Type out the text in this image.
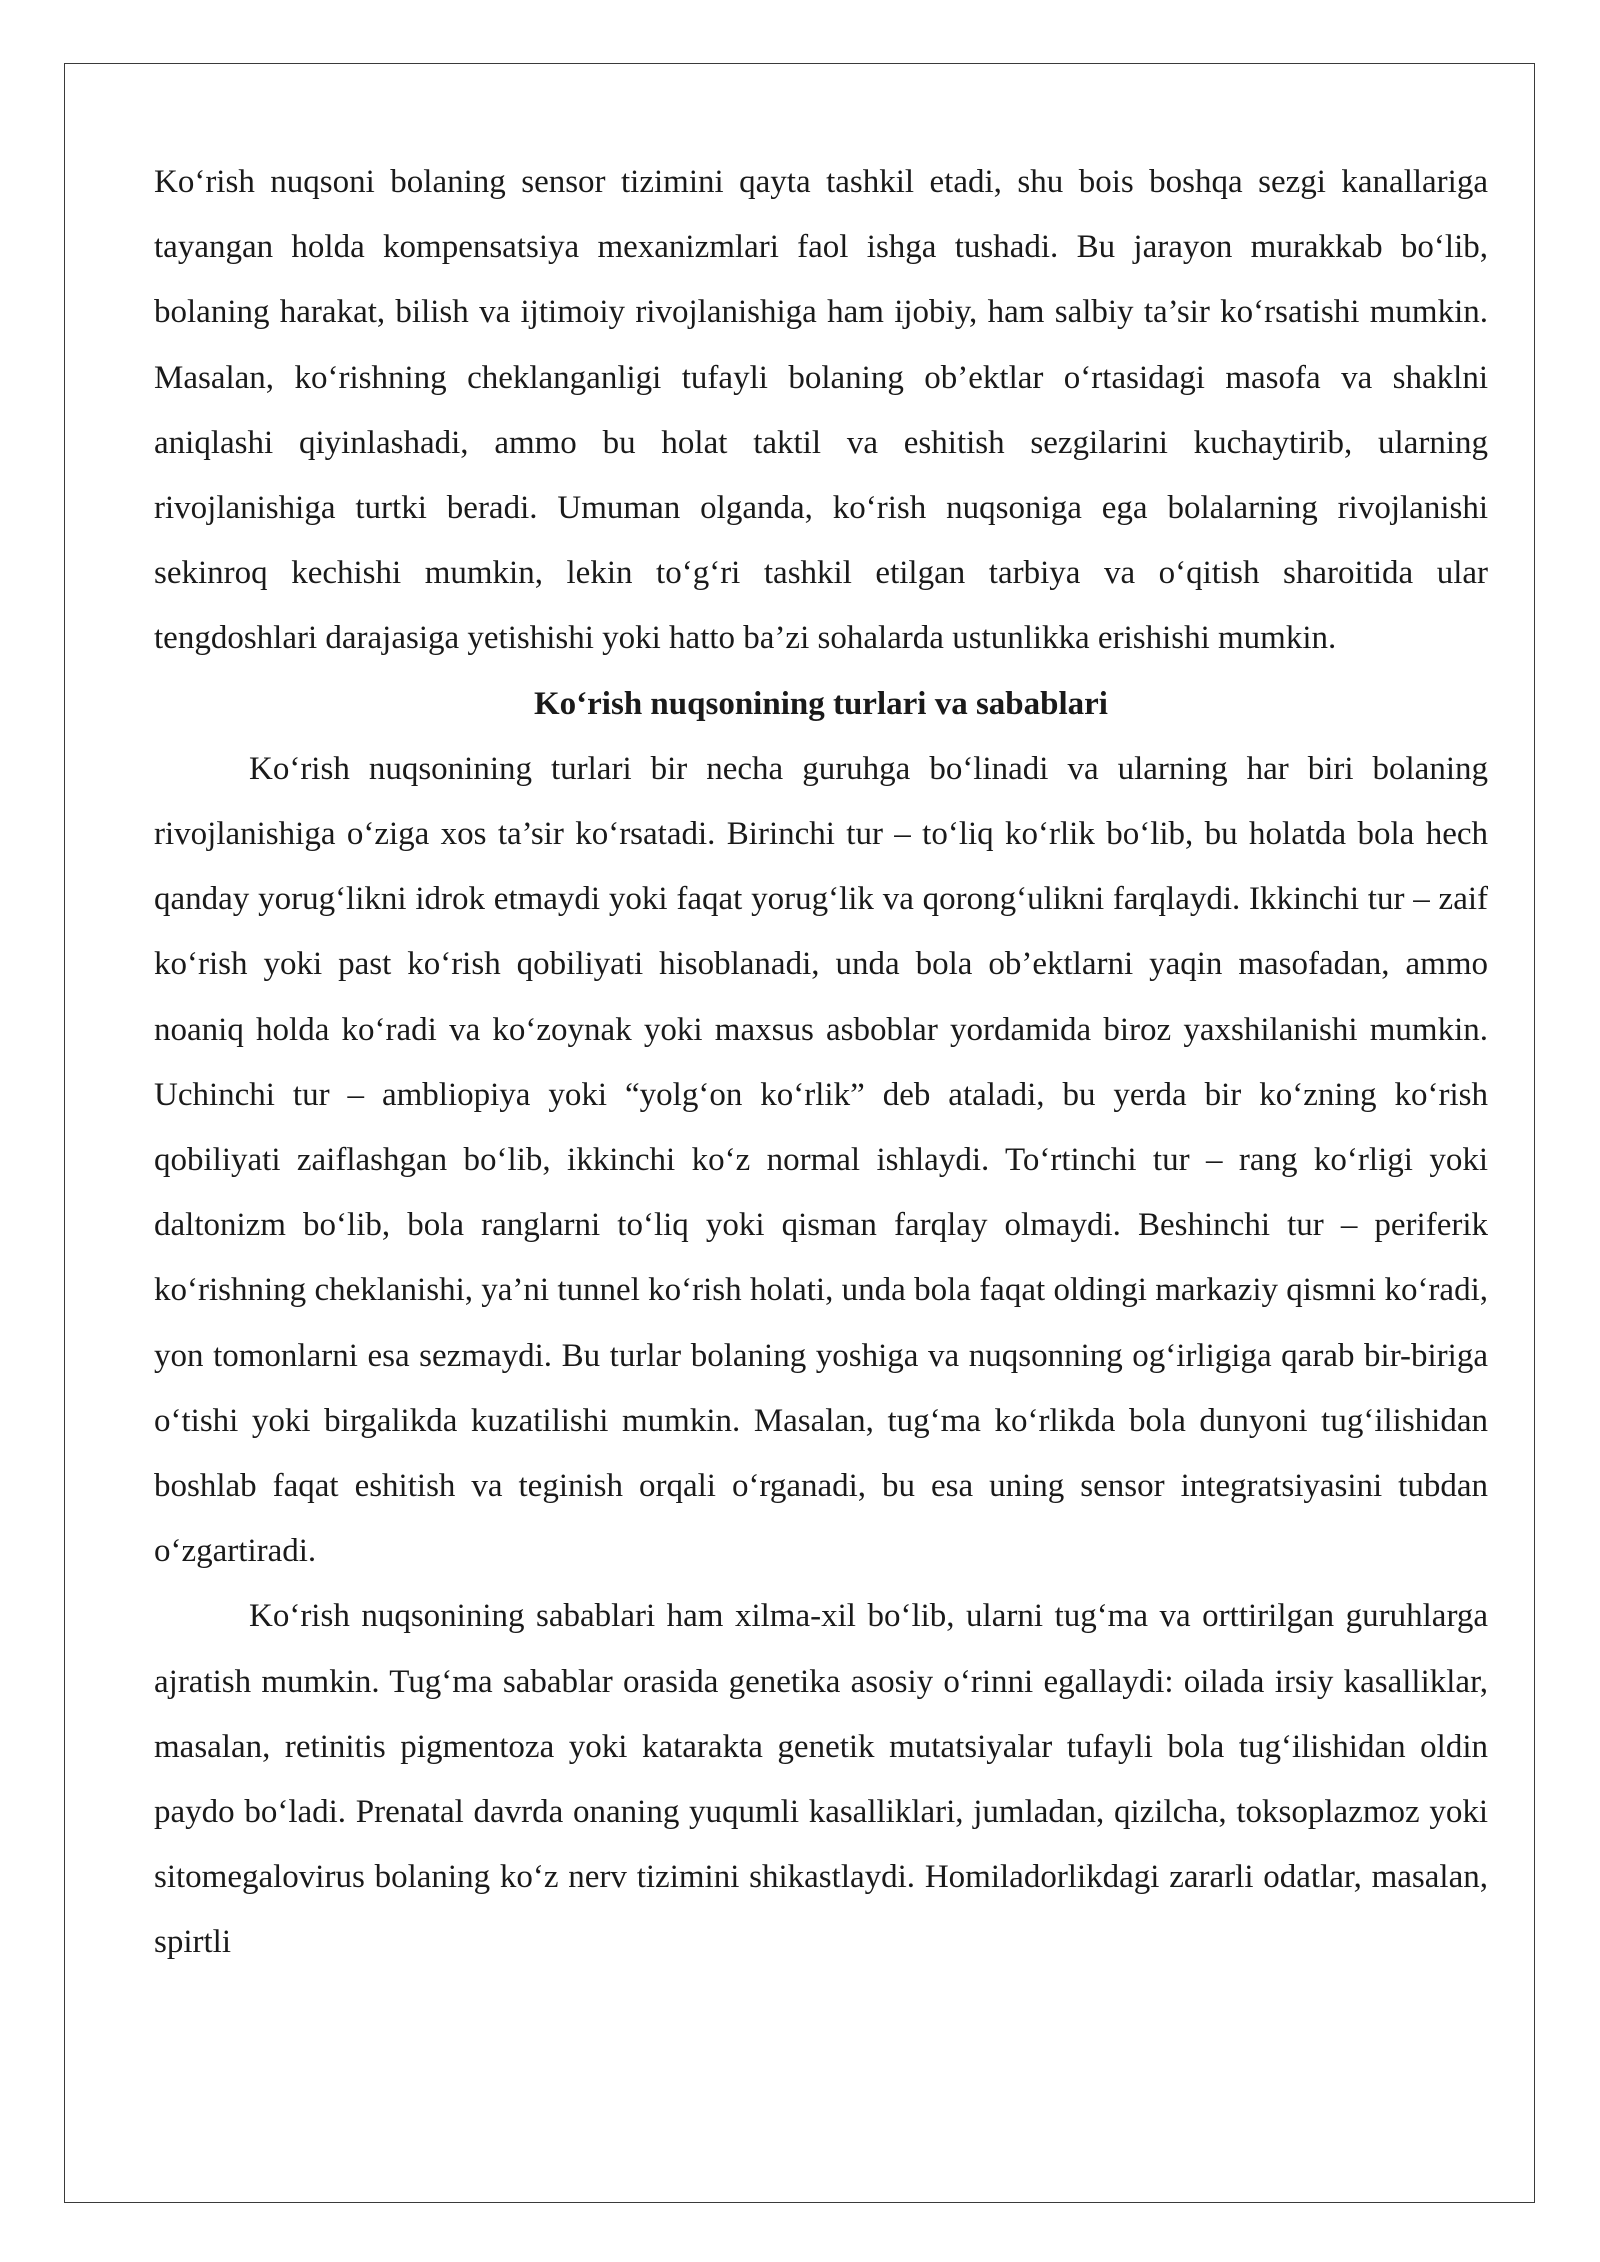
Ko‘rish nuqsoni bolaning sensor tizimini qayta tashkil etadi, shu bois boshqa sezgi kanallariga tayangan holda kompensatsiya mexanizmlari faol ishga tushadi. Bu jarayon murakkab bo‘lib, bolaning harakat, bilish va ijtimoiy rivojlanishiga ham ijobiy, ham salbiy ta’sir ko‘rsatishi mumkin. Masalan, ko‘rishning cheklanganligi tufayli bolaning ob’ektlar o‘rtasidagi masofa va shaklni aniqlashi qiyinlashadi, ammo bu holat taktil va eshitish sezgilarini kuchaytirib, ularning rivojlanishiga turtki beradi. Umuman olganda, ko‘rish nuqsoniga ega bolalarning rivojlanishi sekinroq kechishi mumkin, lekin to‘g‘ri tashkil etilgan tarbiya va o‘qitish sharoitida ular tengdoshlari darajasiga yetishishi yoki hatto ba’zi sohalarda ustunlikka erishishi mumkin.

Ko‘rish nuqsonining turlari va sabablari

Ko‘rish nuqsonining turlari bir necha guruhga bo‘linadi va ularning har biri bolaning rivojlanishiga o‘ziga xos ta’sir ko‘rsatadi. Birinchi tur – to‘liq ko‘rlik bo‘lib, bu holatda bola hech qanday yorug‘likni idrok etmaydi yoki faqat yorug‘lik va qorong‘ulikni farqlaydi. Ikkinchi tur – zaif ko‘rish yoki past ko‘rish qobiliyati hisoblanadi, unda bola ob’ektlarni yaqin masofadan, ammo noaniq holda ko‘radi va ko‘zoynak yoki maxsus asboblar yordamida biroz yaxshilanishi mumkin. Uchinchi tur – ambliopiya yoki “yolg‘on ko‘rlik” deb ataladi, bu yerda bir ko‘zning ko‘rish qobiliyati zaiflashgan bo‘lib, ikkinchi ko‘z normal ishlaydi. To‘rtinchi tur – rang ko‘rligi yoki daltonizm bo‘lib, bola ranglarni to‘liq yoki qisman farqlay olmaydi. Beshinchi tur – periferik ko‘rishning cheklanishi, ya’ni tunnel ko‘rish holati, unda bola faqat oldingi markaziy qismni ko‘radi, yon tomonlarni esa sezmaydi. Bu turlar bolaning yoshiga va nuqsonning og‘irligiga qarab bir-biriga o‘tishi yoki birgalikda kuzatilishi mumkin. Masalan, tug‘ma ko‘rlikda bola dunyoni tug‘ilishidan boshlab faqat eshitish va teginish orqali o‘rganadi, bu esa uning sensor integratsiyasini tubdan o‘zgartiradi.

Ko‘rish nuqsonining sabablari ham xilma-xil bo‘lib, ularni tug‘ma va orttirilgan guruhlarga ajratish mumkin. Tug‘ma sabablar orasida genetika asosiy o‘rinni egallaydi: oilada irsiy kasalliklar, masalan, retinitis pigmentoza yoki katarakta genetik mutatsiyalar tufayli bola tug‘ilishidan oldin paydo bo‘ladi. Prenatal davrda onaning yuqumli kasalliklari, jumladan, qizilcha, toksoplazmoz yoki sitomegalovirus bolaning ko‘z nerv tizimini shikastlaydi. Homiladorlikdagi zararli odatlar, masalan, spirtli
